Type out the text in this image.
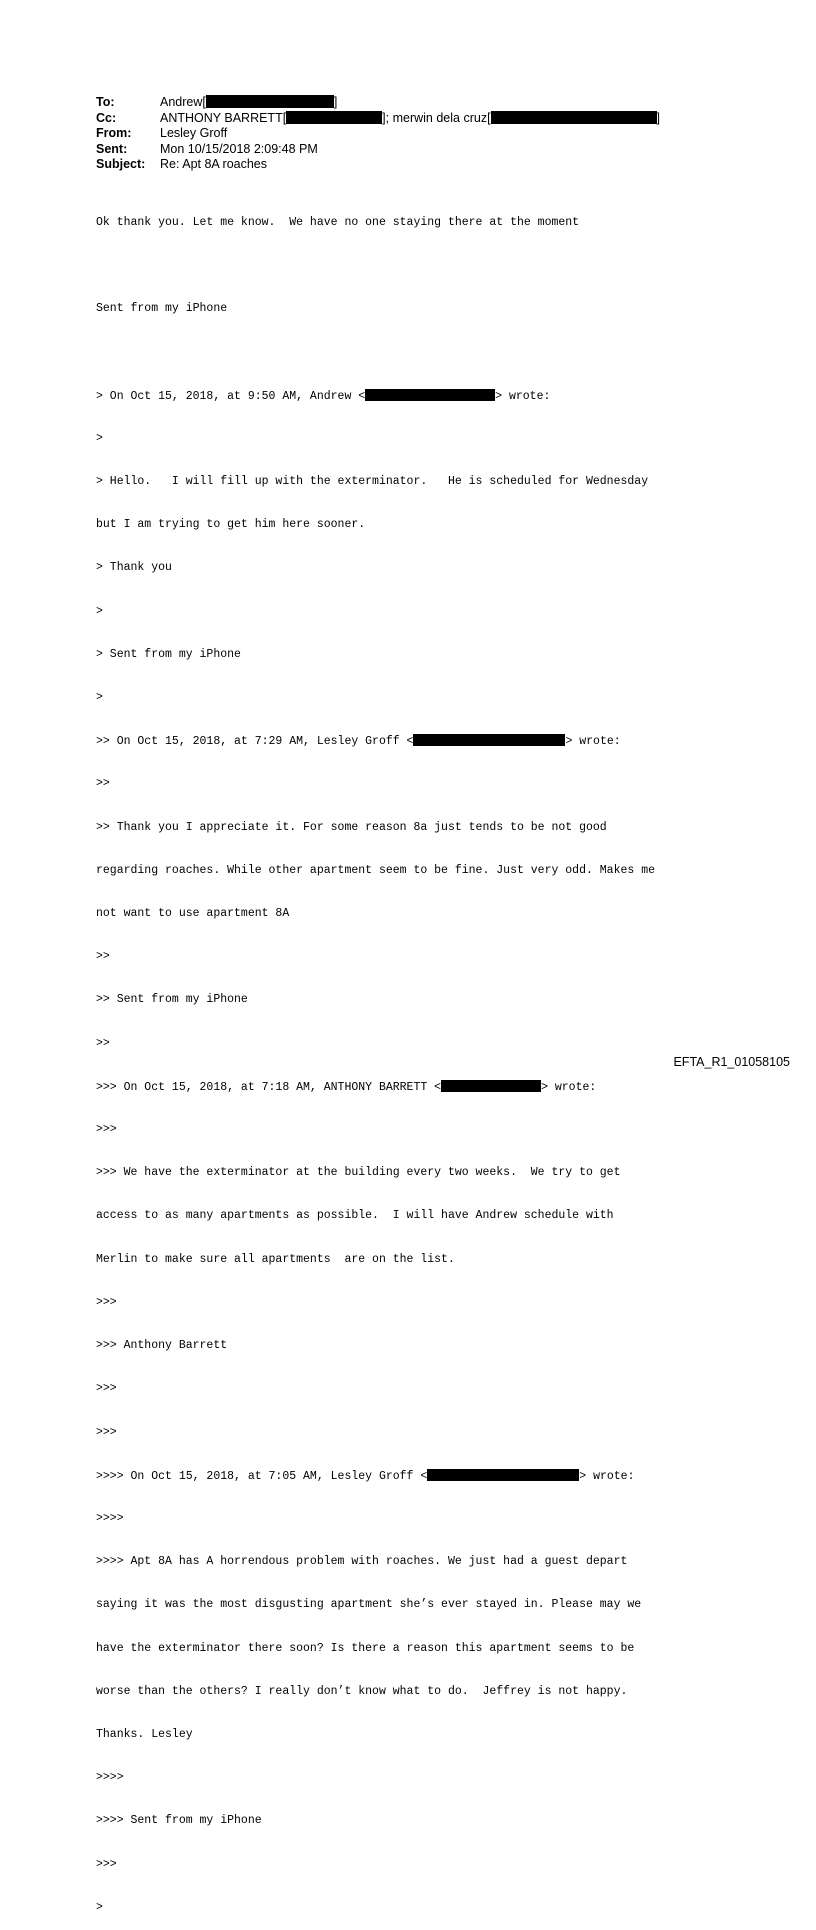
To:	Andrew[	]
Cc:	ANTHONY BARRETT[	]; merwin dela cruz[	]
From:	Lesley Groff
Sent:	Mon 10/15/2018 2:09:48 PM
Subject:	Re: Apt 8A roaches

Ok thank you. Let me know.  We have no one staying there at the moment

Sent from my iPhone

> On Oct 15, 2018, at 9:50 AM, Andrew <	> wrote:

>

> Hello.   I will fill up with the exterminator.   He is scheduled for Wednesday

but I am trying to get him here sooner.

> Thank you

>

> Sent from my iPhone

>

>> On Oct 15, 2018, at 7:29 AM, Lesley Groff <	> wrote:

>>

>> Thank you I appreciate it. For some reason 8a just tends to be not good

regarding roaches. While other apartment seem to be fine. Just very odd. Makes me

not want to use apartment 8A

>>

>> Sent from my iPhone

>>

>>> On Oct 15, 2018, at 7:18 AM, ANTHONY BARRETT <	> wrote:

>>>

>>> We have the exterminator at the building every two weeks.  We try to get

access to as many apartments as possible.  I will have Andrew schedule with

Merlin to make sure all apartments  are on the list.

>>>

>>> Anthony Barrett

>>>

>>>

>>>> On Oct 15, 2018, at 7:05 AM, Lesley Groff <	> wrote:

>>>>

>>>> Apt 8A has A horrendous problem with roaches. We just had a guest depart

saying it was the most disgusting apartment she’s ever stayed in. Please may we

have the exterminator there soon? Is there a reason this apartment seems to be

worse than the others? I really don’t know what to do.  Jeffrey is not happy.

Thanks. Lesley

>>>>

>>>> Sent from my iPhone

>>>

>

EFTA_R1_01058105
